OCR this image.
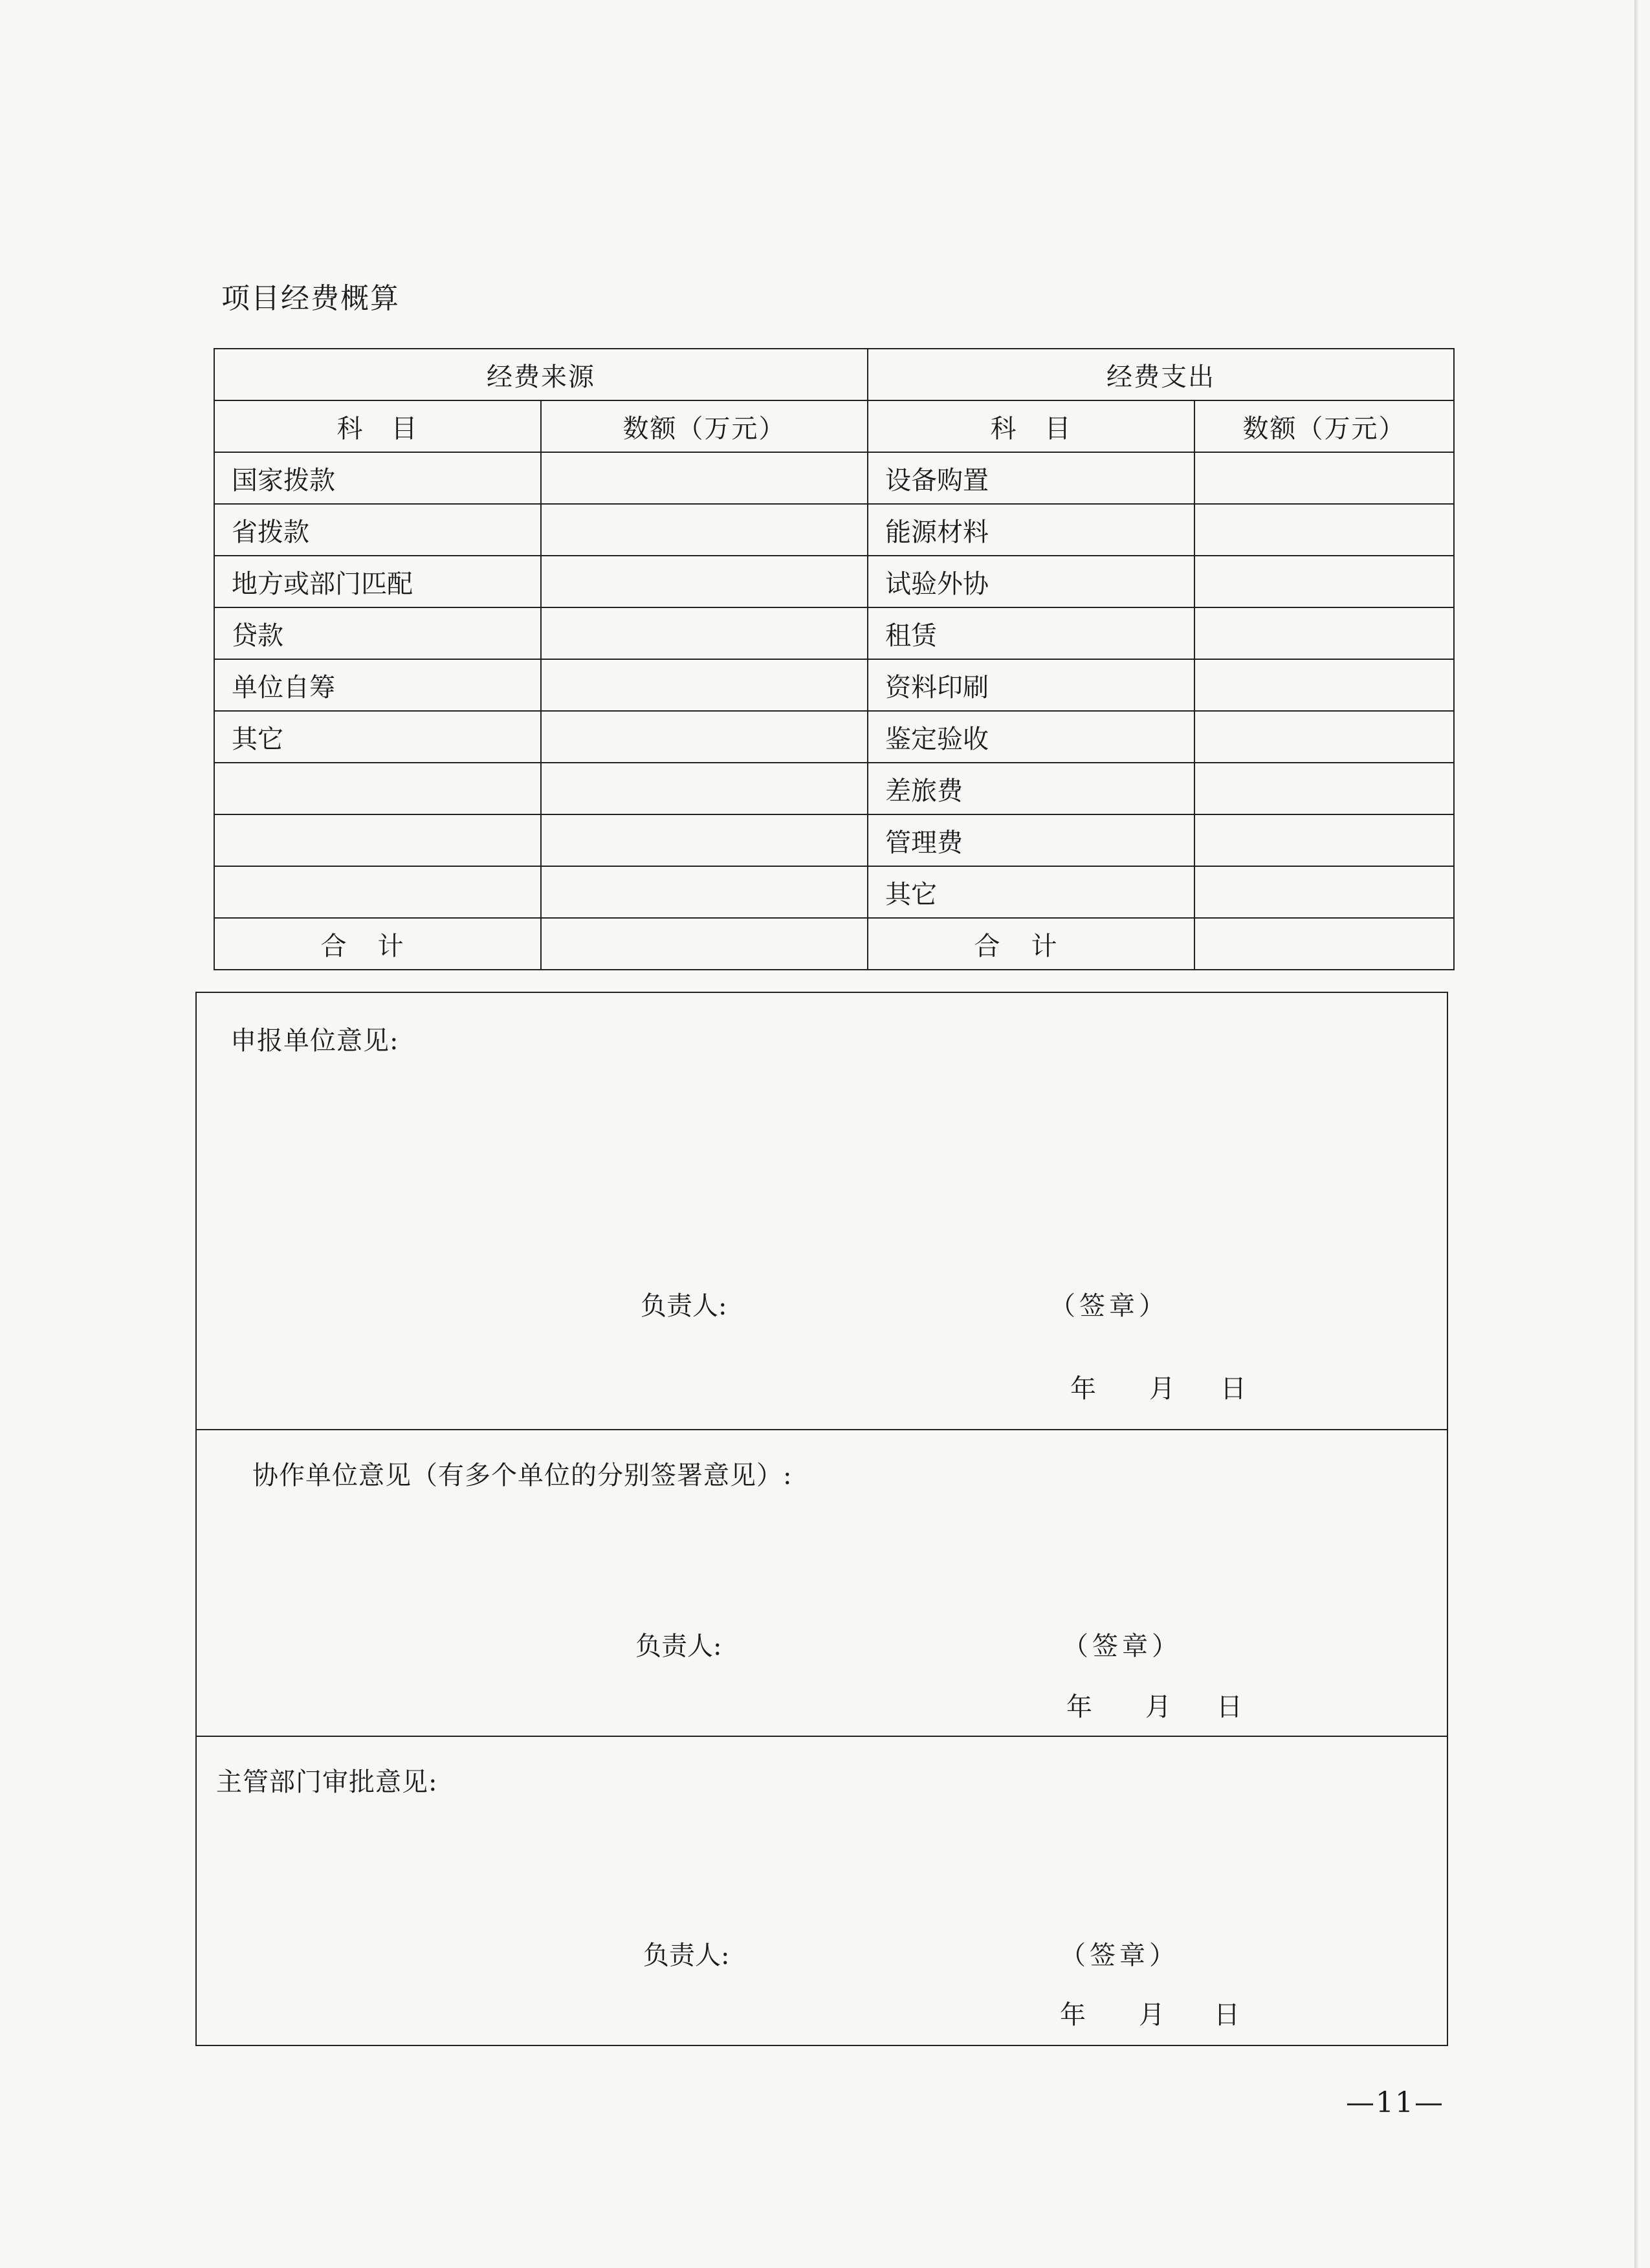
项目经费概算
经费来源		经费支出	
科　目	数额（万元）	科　目	数额（万元）
国家拨款		设备购置	
省拨款		能源材料	
地方或部门匹配		试验外协	
贷款		租赁	
单位自筹		资料印刷	
其它		鉴定验收	
		差旅费	
		管理费	
		其它	
合计		合计	
申报单位意见:
负责人:	（签章）
年 月 日
协作单位意见（有多个单位的分别签署意见）:
负责人:	（签章）
年 月 日
主管部门审批意见:
负责人:	（签章）
年 月 日
—11—
